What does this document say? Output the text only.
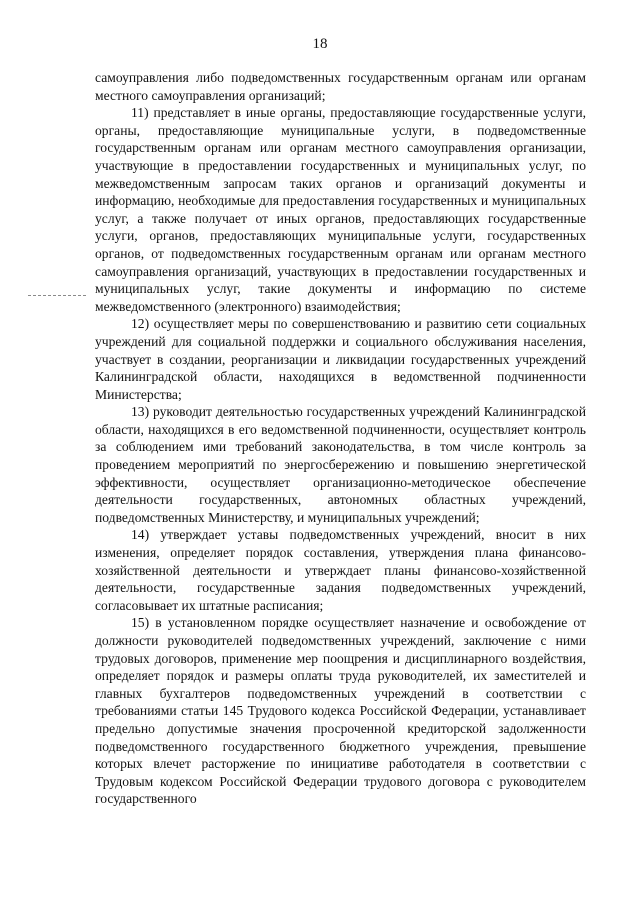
18

самоуправления либо подведомственных государственным органам или органам местного самоуправления организаций;

11) представляет в иные органы, предоставляющие государственные услуги, органы, предоставляющие муниципальные услуги, в подведомственные государственным органам или органам местного самоуправления организации, участвующие в предоставлении государственных и муниципальных услуг, по межведомственным запросам таких органов и организаций документы и информацию, необходимые для предоставления государственных и муниципальных услуг, а также получает от иных органов, предоставляющих государственные услуги, органов, предоставляющих муниципальные услуги, государственных органов, от подведомственных государственным органам или органам местного самоуправления организаций, участвующих в предоставлении государственных и муниципальных услуг, такие документы и информацию по системе межведомственного (электронного) взаимодействия;

12) осуществляет меры по совершенствованию и развитию сети социальных учреждений для социальной поддержки и социального обслуживания населения, участвует в создании, реорганизации и ликвидации государственных учреждений Калининградской области, находящихся в ведомственной подчиненности Министерства;

13) руководит деятельностью государственных учреждений Калининградской области, находящихся в его ведомственной подчиненности, осуществляет контроль за соблюдением ими требований законодательства, в том числе контроль за проведением мероприятий по энергосбережению и повышению энергетической эффективности, осуществляет организационно-методическое обеспечение деятельности государственных, автономных областных учреждений, подведомственных Министерству, и муниципальных учреждений;

14) утверждает уставы подведомственных учреждений, вносит в них изменения, определяет порядок составления, утверждения плана финансово-хозяйственной деятельности и утверждает планы финансово-хозяйственной деятельности, государственные задания подведомственных учреждений, согласовывает их штатные расписания;

15) в установленном порядке осуществляет назначение и освобождение от должности руководителей подведомственных учреждений, заключение с ними трудовых договоров, применение мер поощрения и дисциплинарного воздействия, определяет порядок и размеры оплаты труда руководителей, их заместителей и главных бухгалтеров подведомственных учреждений в соответствии с требованиями статьи 145 Трудового кодекса Российской Федерации, устанавливает предельно допустимые значения просроченной кредиторской задолженности подведомственного государственного бюджетного учреждения, превышение которых влечет расторжение по инициативе работодателя в соответствии с Трудовым кодексом Российской Федерации трудового договора с руководителем государственного
